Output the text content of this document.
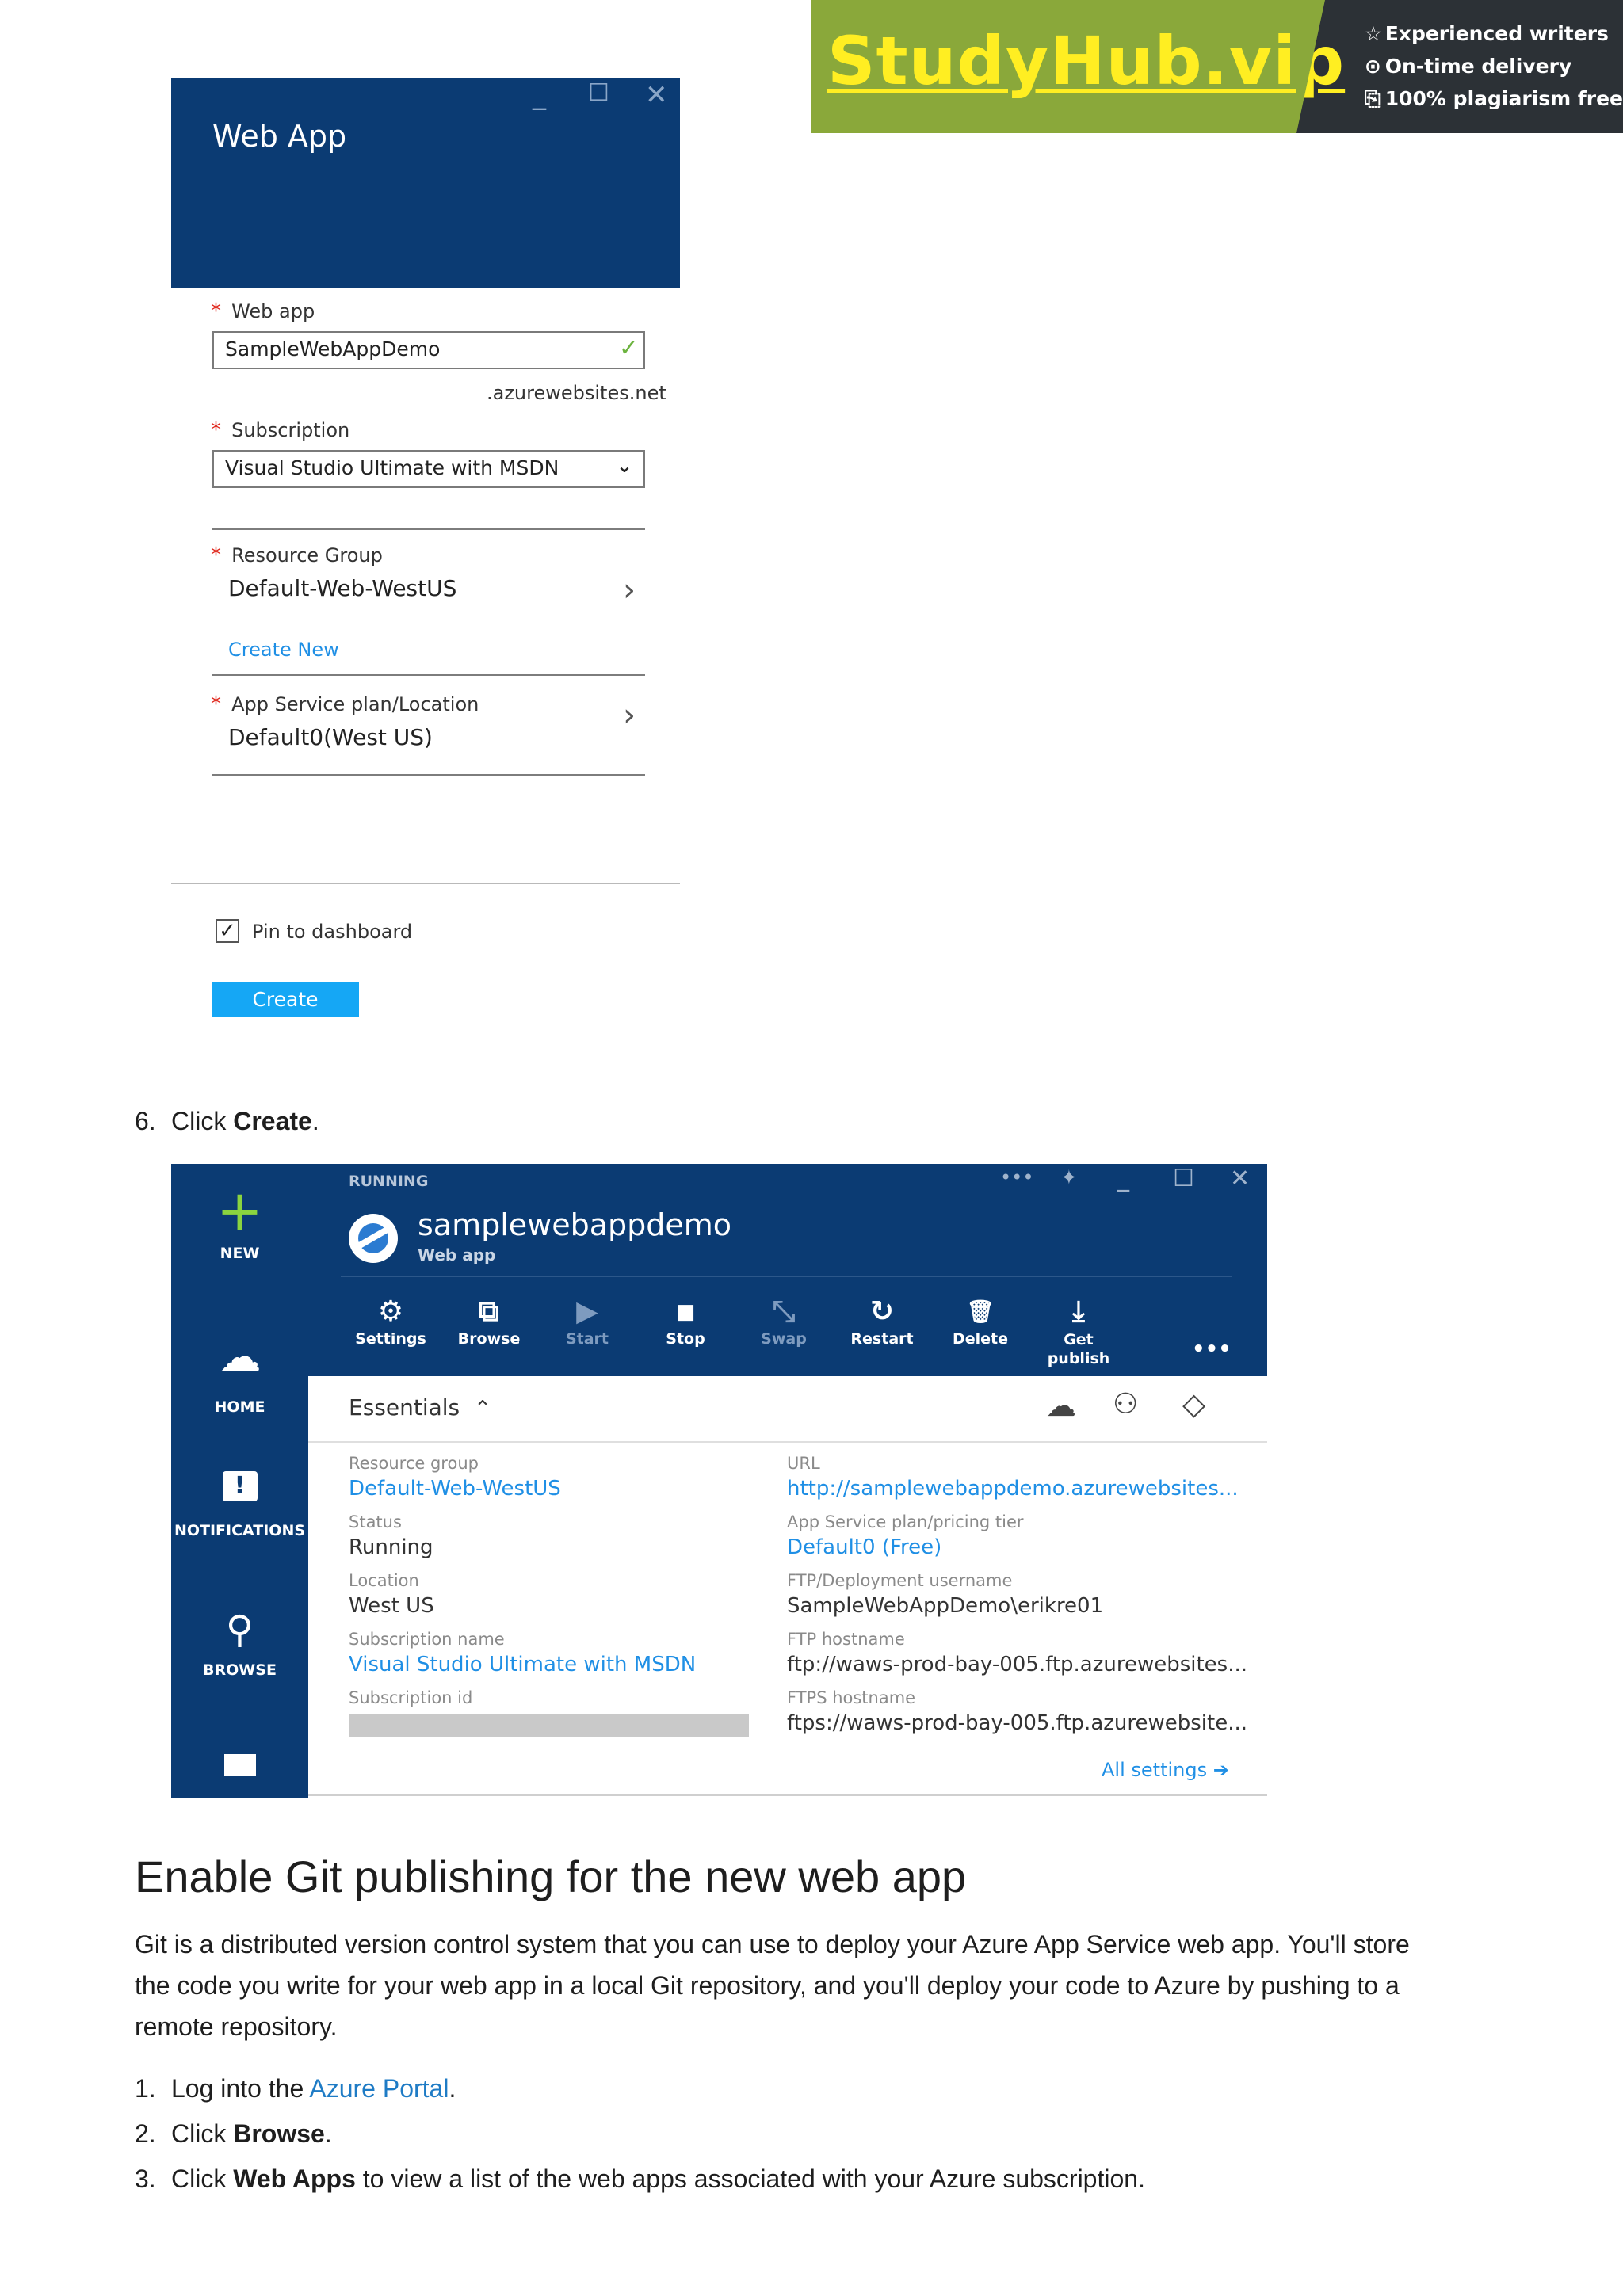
StudyHub.vip ☆ Experienced writers
⊙ On-time delivery
⎘ 100% plagiarism free
Web App
_ ☐ ✕
* Web app
SampleWebAppDemo	✓
.azurewebsites.net
* Subscription
Visual Studio Ultimate with MSDN	⌄
* Resource Group
Default-Web-WestUS	›
Create New
* App Service plan/Location
Default0(West US)
›
✓ Pin to dashboard
Create
6. Click Create.
+
NEW
☁
HOME
!
NOTIFICATIONS
⚲
BROWSE
RUNNING	••• ✦ _ ☐ ✕
samplewebappdemo
Web app
⚙
Settings
⧉
Browse
▶
Start
■
Stop
⤡
Swap
↻
Restart
🗑
Delete
⤓
Get publish	•••
Essentials ⌃	☁ ⚇ ◇
Resource group
Default-Web-WestUS
Status
Running
Location
West US
Subscription name
Visual Studio Ultimate with MSDN
Subscription id
URL
http://samplewebappdemo.azurewebsites...
App Service plan/pricing tier
Default0 (Free)
FTP/Deployment username
SampleWebAppDemo\erikre01
FTP hostname
ftp://waws-prod-bay-005.ftp.azurewebsites...
FTPS hostname
ftps://waws-prod-bay-005.ftp.azurewebsite...
All settings ➔
Enable Git publishing for the new web app
Git is a distributed version control system that you can use to deploy your Azure App Service web app. You'll store the code you write for your web app in a local Git repository, and you'll deploy your code to Azure by pushing to a remote repository.
1. Log into the Azure Portal.
2. Click Browse.
3. Click Web Apps to view a list of the web apps associated with your Azure subscription.
